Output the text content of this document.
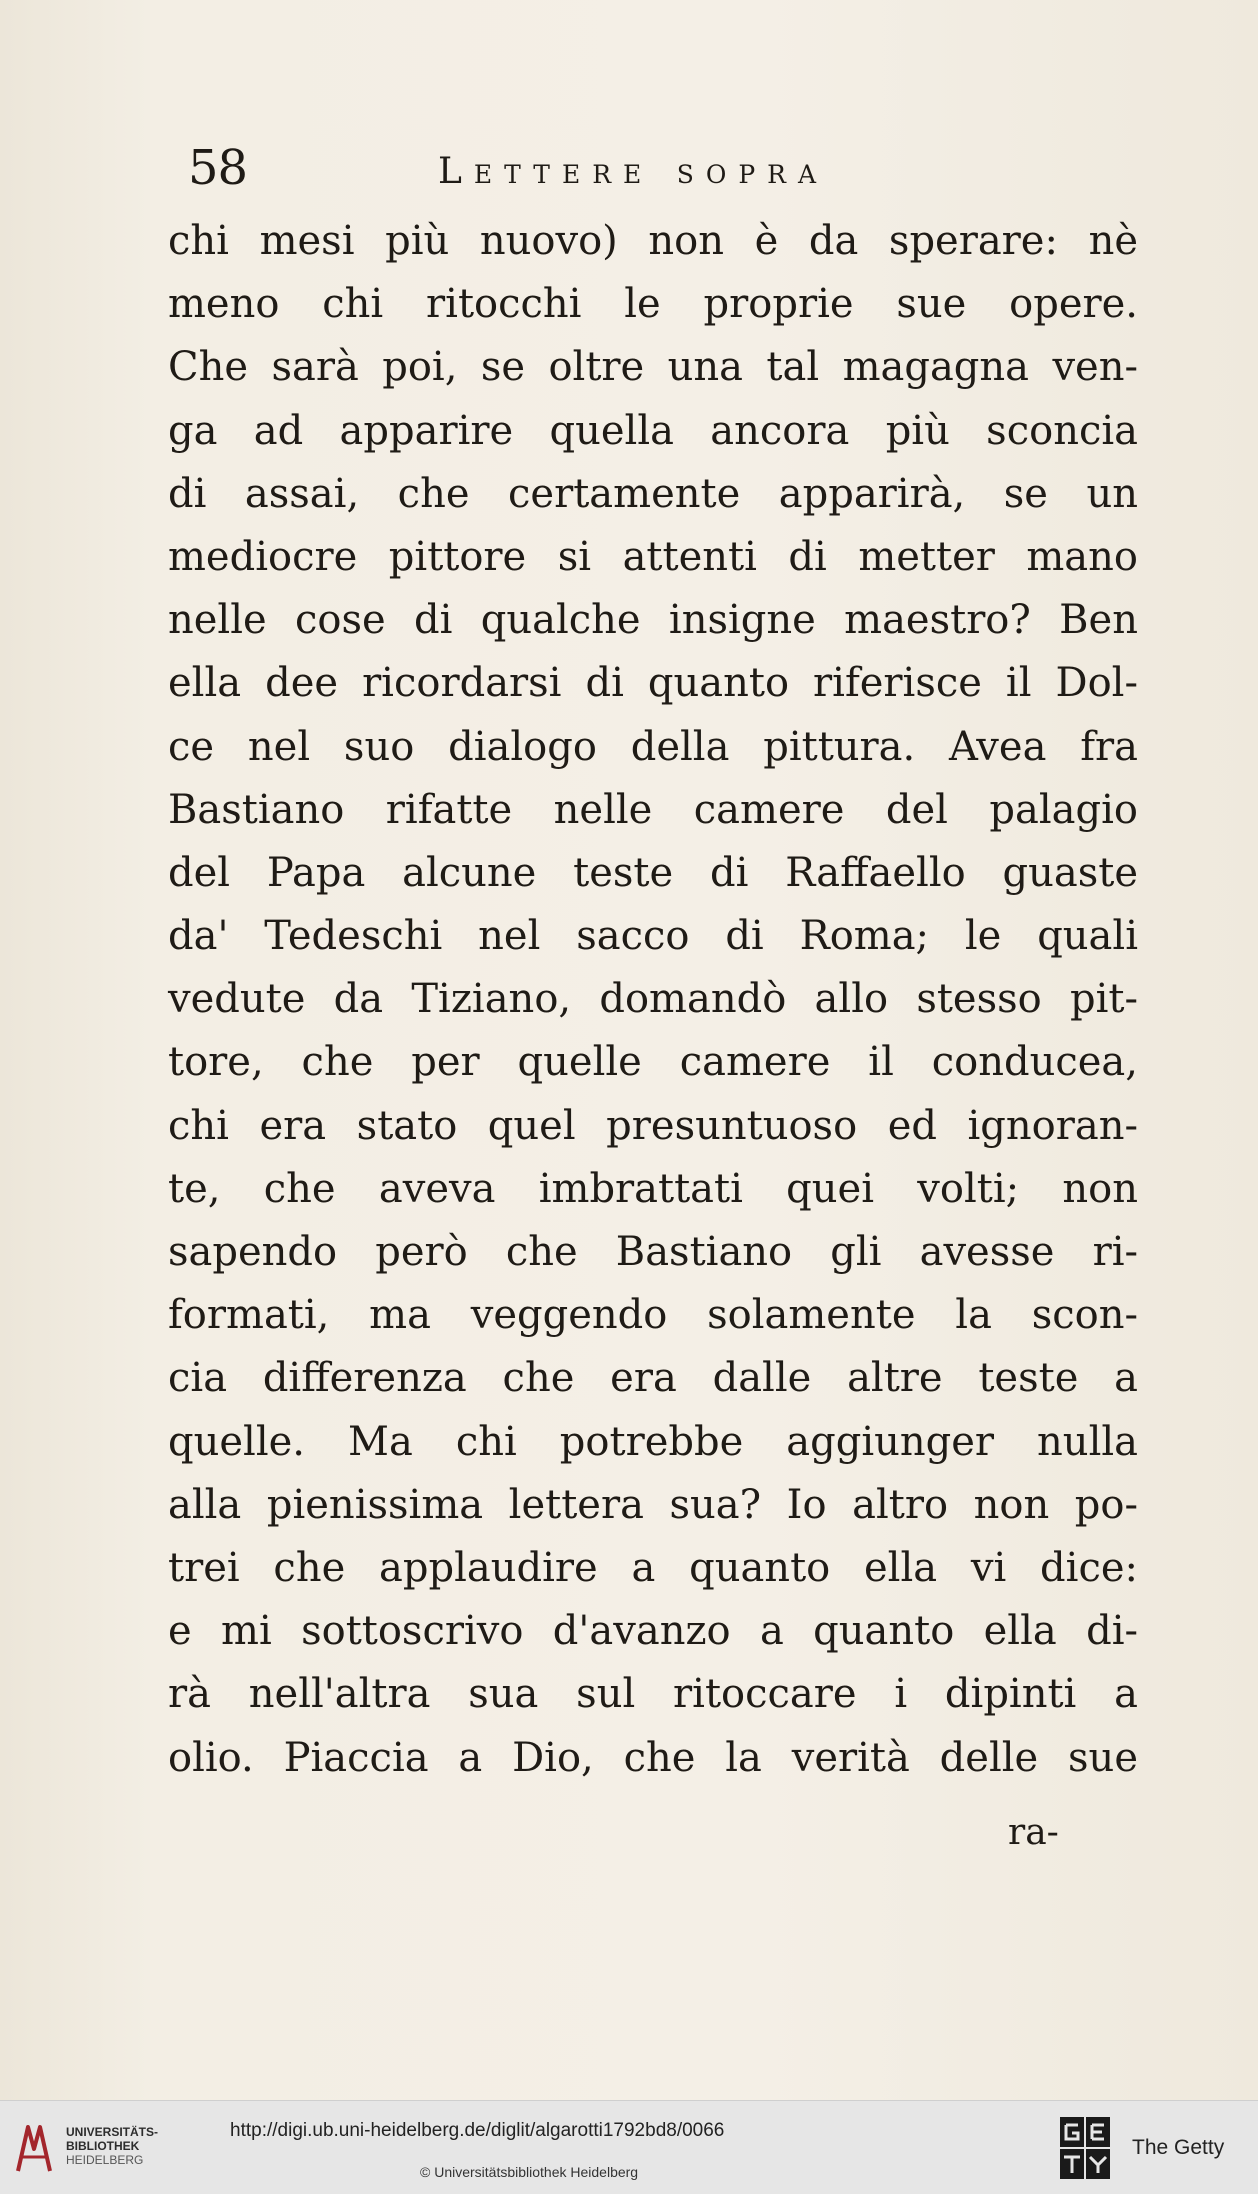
58	Lettere sopra
chi mesi più nuovo) non è da sperare: nè
meno chi ritocchi le proprie sue opere.
Che sarà poi, se oltre una tal magagna ven-
ga ad apparire quella ancora più sconcia
di assai, che certamente apparirà, se un
mediocre pittore si attenti di metter mano
nelle cose di qualche insigne maestro? Ben
ella dee ricordarsi di quanto riferisce il Dol-
ce nel suo dialogo della pittura. Avea fra
Bastiano rifatte nelle camere del palagio
del Papa alcune teste di Raffaello guaste
da' Tedeschi nel sacco di Roma; le quali
vedute da Tiziano, domandò allo stesso pit-
tore, che per quelle camere il conducea,
chi era stato quel presuntuoso ed ignoran-
te, che aveva imbrattati quei volti; non
sapendo però che Bastiano gli avesse ri-
formati, ma veggendo solamente la scon-
cia differenza che era dalle altre teste a
quelle. Ma chi potrebbe aggiunger nulla
alla pienissima lettera sua? Io altro non po-
trei che applaudire a quanto ella vi dice:
e mi sottoscrivo d'avanzo a quanto ella di-
rà nell'altra sua sul ritoccare i dipinti a
olio. Piaccia a Dio, che la verità delle sue
ra-
UNIVERSITÄTS-
BIBLIOTHEK
HEIDELBERG
http://digi.ub.uni-heidelberg.de/diglit/algarotti1792bd8/0066
© Universitätsbibliothek Heidelberg
The Getty
